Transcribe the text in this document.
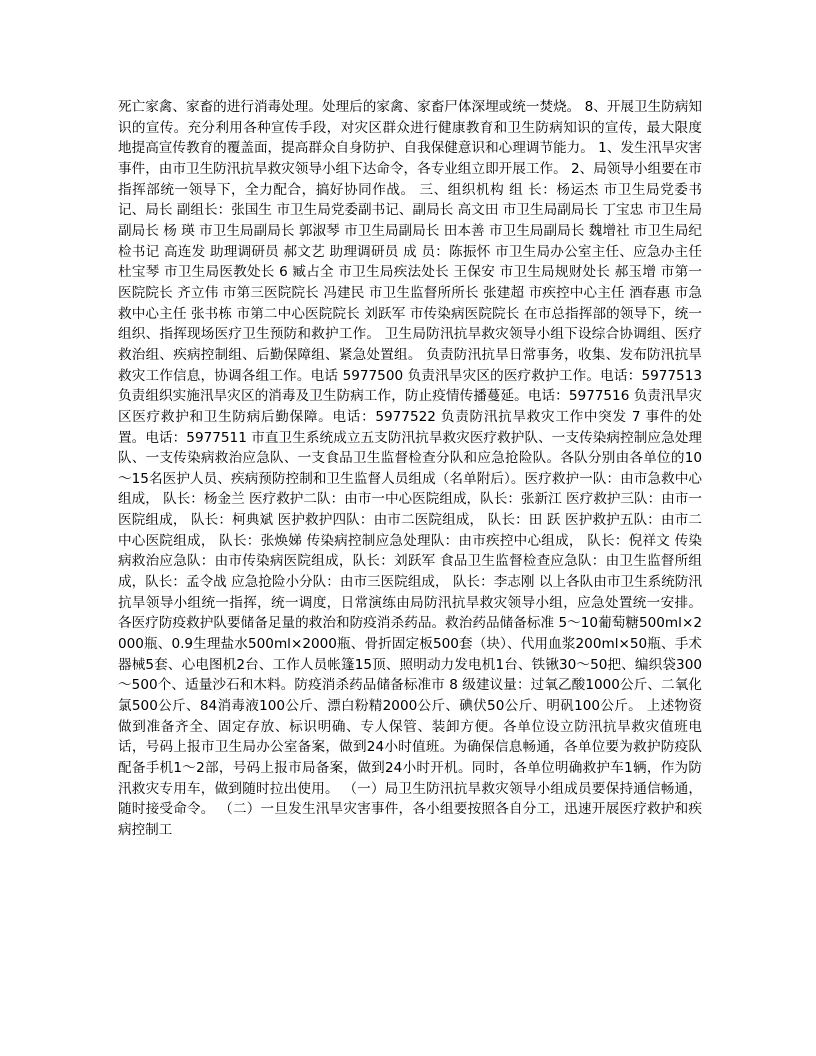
死亡家禽、家畜的进行消毒处理。处理后的家禽、家畜尸体深埋或统一焚烧。 8、开展卫生防病知识的宣传。充分利用各种宣传手段，对灾区群众进行健康教育和卫生防病知识的宣传，最大限度地提高宣传教育的覆盖面，提高群众自身防护、自我保健意识和心理调节能力。 1、发生汛旱灾害事件，由市卫生防汛抗旱救灾领导小组下达命令，各专业组立即开展工作。 2、局领导小组要在市指挥部统一领导下，全力配合，搞好协同作战。 三、组织机构 组 长：杨运杰 市卫生局党委书记、局长 副组长：张国生 市卫生局党委副书记、副局长 高文田 市卫生局副局长 丁宝忠 市卫生局副局长 杨 瑛 市卫生局副局长 郭淑琴 市卫生局副局长 田本善 市卫生局副局长 魏增社 市卫生局纪检书记 高连发 助理调研员 郝文艺 助理调研员 成 员：陈振怀 市卫生局办公室主任、应急办主任 杜宝琴 市卫生局医教处长 6 臧占全 市卫生局疾法处长 王保安 市卫生局规财处长 郝玉增 市第一医院院长 齐立伟 市第三医院院长 冯建民 市卫生监督所所长 张建超 市疾控中心主任 酒春惠 市急救中心主任 张书栋 市第二中心医院院长 刘跃军 市传染病医院院长 在市总指挥部的领导下，统一组织、指挥现场医疗卫生预防和救护工作。 卫生局防汛抗旱救灾领导小组下设综合协调组、医疗救治组、疾病控制组、后勤保障组、紧急处置组。 负责防汛抗旱日常事务，收集、发布防汛抗旱救灾工作信息，协调各组工作。电话 5977500 负责汛旱灾区的医疗救护工作。电话：5977513 负责组织实施汛旱灾区的消毒及卫生防病工作，防止疫情传播蔓延。电话：5977516 负责汛旱灾区医疗救护和卫生防病后勤保障。电话：5977522 负责防汛抗旱救灾工作中突发 7 事件的处置。电话：5977511 市直卫生系统成立五支防汛抗旱救灾医疗救护队、一支传染病控制应急处理队、一支传染病救治应急队、一支食品卫生监督检查分队和应急抢险队。各队分别由各单位的10～15名医护人员、疾病预防控制和卫生监督人员组成（名单附后）。医疗救护一队：由市急救中心组成， 队长：杨金兰 医疗救护二队：由市一中心医院组成，队长：张新江 医疗救护三队：由市一医院组成， 队长：柯典斌 医护救护四队：由市二医院组成， 队长：田 跃 医护救护五队：由市二中心医院组成， 队长：张焕娣 传染病控制应急处理队：由市疾控中心组成， 队长：倪祥文 传染病救治应急队：由市传染病医院组成，队长：刘跃军 食品卫生监督检查应急队：由卫生监督所组成，队长：孟令战 应急抢险小分队：由市三医院组成， 队长：李志刚 以上各队由市卫生系统防汛抗旱领导小组统一指挥，统一调度，日常演练由局防汛抗旱救灾领导小组，应急处置统一安排。 各医疗防疫救护队要储备足量的救治和防疫消杀药品。救治药品储备标准 5～10葡萄糖500ml×2000瓶、0.9生理盐水500ml×2000瓶、骨折固定板500套（块）、代用血浆200ml×50瓶、手术器械5套、心电图机2台、工作人员帐篷15顶、照明动力发电机1台、铁锹30～50把、编织袋300～500个、适量沙石和木料。防疫消杀药品储备标准市 8 级建议量：过氧乙酸1000公斤、二氧化氯500公斤、84消毒液100公斤、漂白粉精2000公斤、碘伏50公斤、明矾100公斤。 上述物资做到准备齐全、固定存放、标识明确、专人保管、装卸方便。各单位设立防汛抗旱救灾值班电话，号码上报市卫生局办公室备案，做到24小时值班。为确保信息畅通，各单位要为救护防疫队配备手机1～2部，号码上报市局备案，做到24小时开机。同时，各单位明确救护车1辆，作为防汛救灾专用车，做到随时拉出使用。 （一）局卫生防汛抗旱救灾领导小组成员要保持通信畅通，随时接受命令。 （二）一旦发生汛旱灾害事件，各小组要按照各自分工，迅速开展医疗救护和疾病控制工
